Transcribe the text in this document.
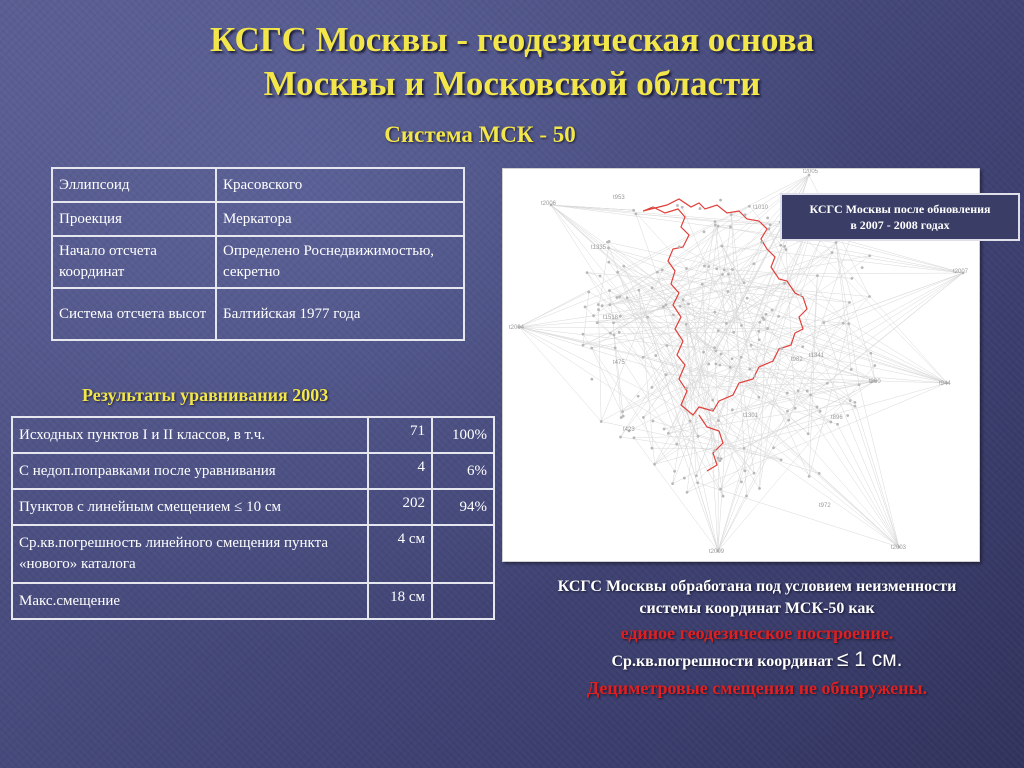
КСГС Москвы - геодезическая основа
Москвы и Московской области
Система МСК - 50
Эллипсоид	Красовского
Проекция	Меркатора
Начало отсчета координат	Определено Роснедвижимостью, секретно
Система отсчета высот	Балтийская 1977 года
Результаты уравнивания 2003
Исходных пунктов I и II классов, в т.ч.	71	100%
С недоп.поправками после уравнивания	4	6%
Пунктов с линейным смещением ≤ 10 см	202	94%
Ср.кв.погрешность линейного смещения пункта «нового» каталога	4 см	
Макс.смещение	18 см	
t2006
t2005
t2007
t2004
t2009
t2003
t390	t944
t972
t896
t982
t1301
t1341
t953
t1010
t1335
t1518
t475
t423
КСГС Москвы после обновления
в 2007 - 2008 годах
КСГС Москвы обработана под условием неизменности
системы координат МСК-50 как
единое геодезическое построение.
Ср.кв.погрешности координат ≤ 1 см.
Дециметровые смещения не обнаружены.
